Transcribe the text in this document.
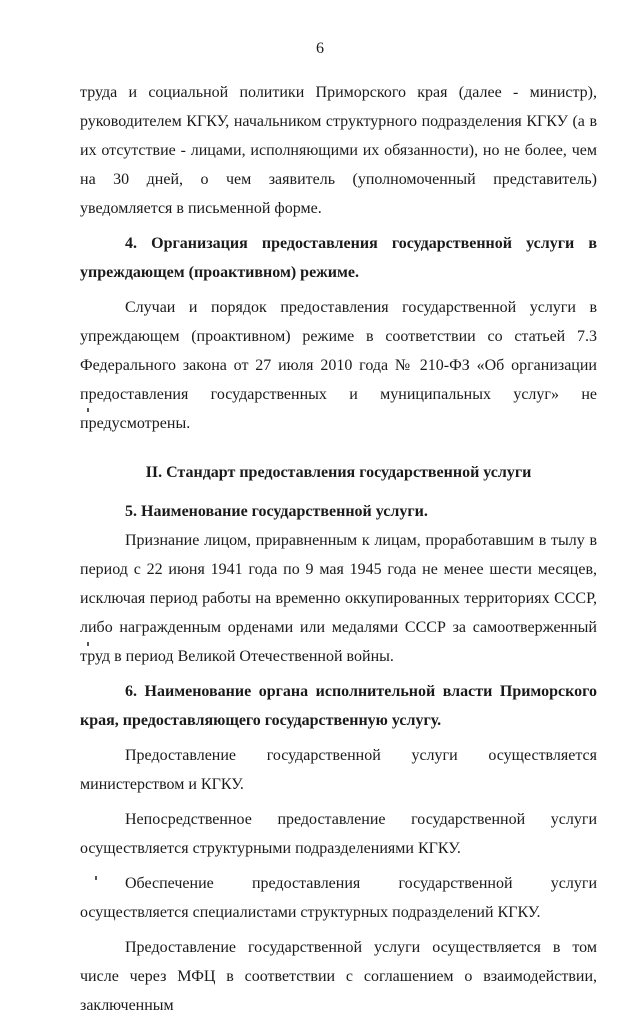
6

труда и социальной политики Приморского края (далее - министр), руководителем КГКУ, начальником структурного подразделения КГКУ (а в их отсутствие - лицами, исполняющими их обязанности), но не более, чем на 30 дней, о чем заявитель (уполномоченный представитель) уведомляется в письменной форме.

4. Организация предоставления государственной услуги в упреждающем (проактивном) режиме.

Случаи и порядок предоставления государственной услуги в упреждающем (проактивном) режиме в соответствии со статьей 7.3 Федерального закона от 27 июля 2010 года № 210-ФЗ «Об организации предоставления государственных и муниципальных услуг» не предусмотрены.

II. Стандарт предоставления государственной услуги

5. Наименование государственной услуги.

Признание лицом, приравненным к лицам, проработавшим в тылу в период с 22 июня 1941 года по 9 мая 1945 года не менее шести месяцев, исключая период работы на временно оккупированных территориях СССР, либо награжденным орденами или медалями СССР за самоотверженный труд в период Великой Отечественной войны.

6. Наименование органа исполнительной власти Приморского края, предоставляющего государственную услугу.

Предоставление государственной услуги осуществляется министерством и КГКУ.

Непосредственное предоставление государственной услуги осуществляется структурными подразделениями КГКУ.

Обеспечение предоставления государственной услуги осуществляется специалистами структурных подразделений КГКУ.

Предоставление государственной услуги осуществляется в том числе через МФЦ в соответствии с соглашением о взаимодействии, заключенным
